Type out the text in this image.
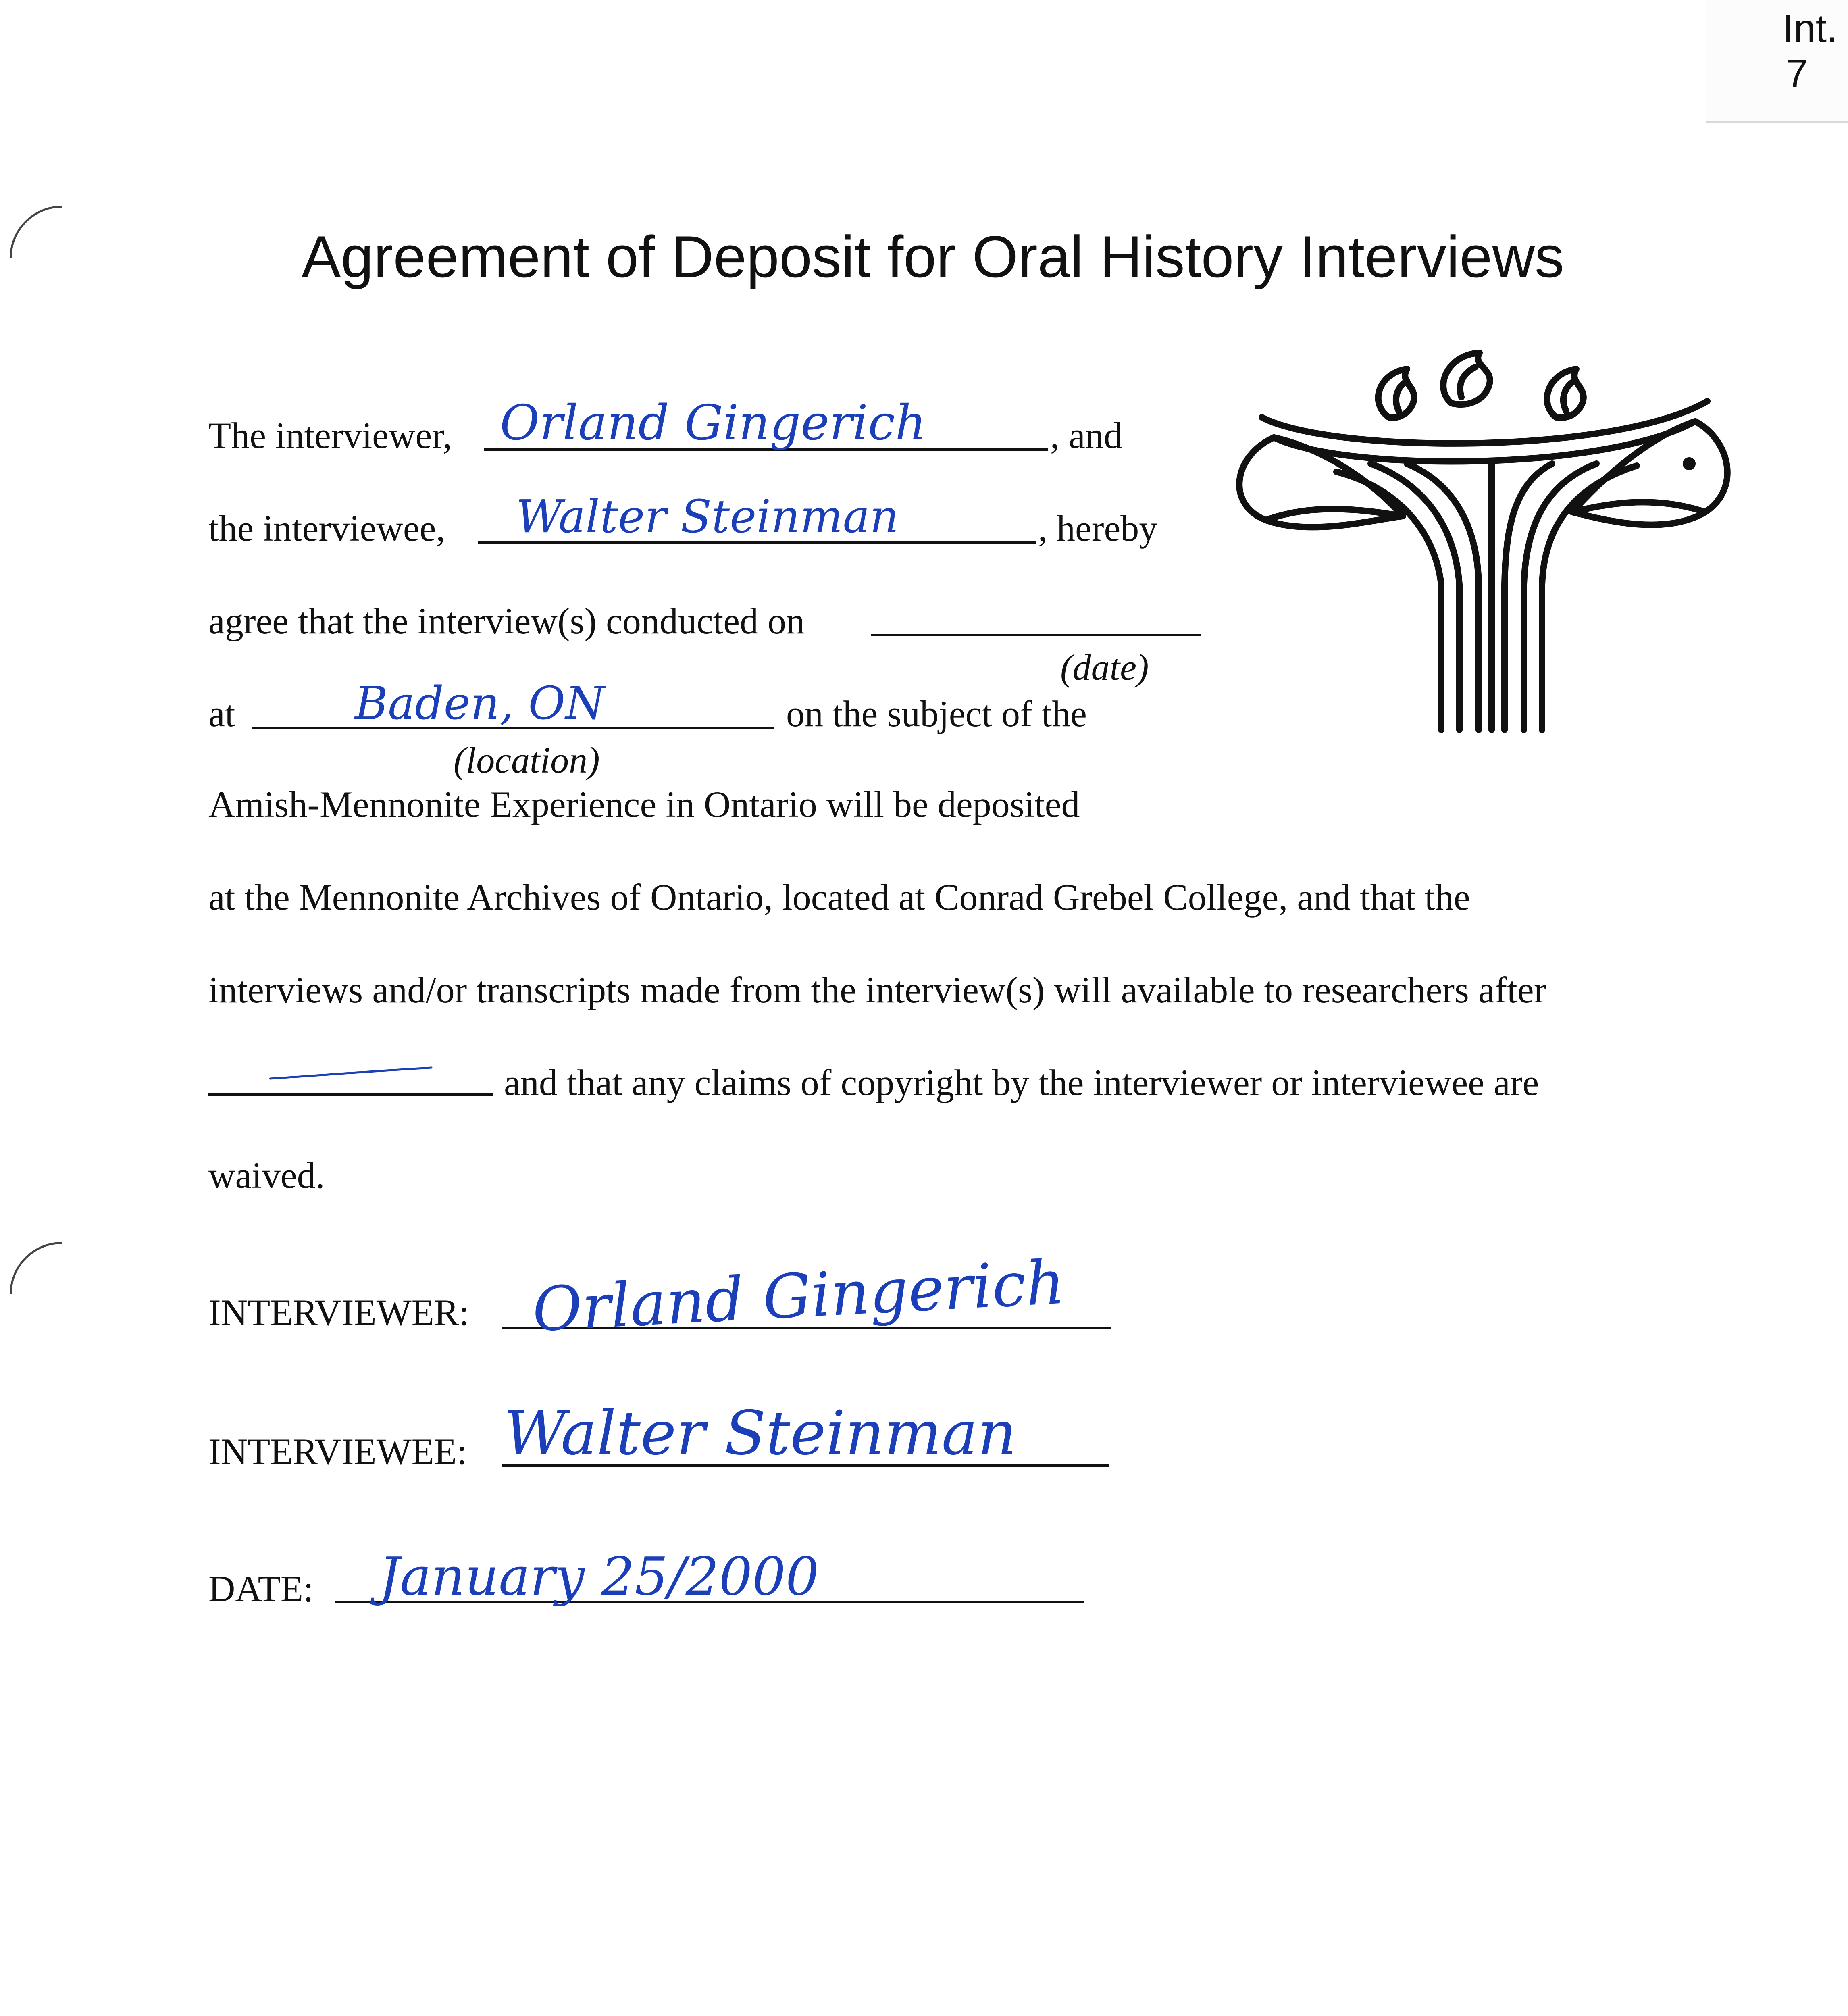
Int.
7
Agreement of Deposit for Oral History Interviews
The interviewer, Orland Gingerich	, and
the interviewee, Walter Steinman	, hereby
agree that the interview(s) conducted on
(date)
at	Baden, ON	on the subject of the
(location)
Amish-Mennonite Experience in Ontario will be deposited
at the Mennonite Archives of Ontario, located at Conrad Grebel College, and that the
interviews and/or transcripts made from the interview(s) will available to researchers after
and that any claims of copyright by the interviewer or interviewee are
waived.
INTERVIEWER: Orland Gingerich
INTERVIEWEE: Walter Steinman
DATE: January 25/2000
